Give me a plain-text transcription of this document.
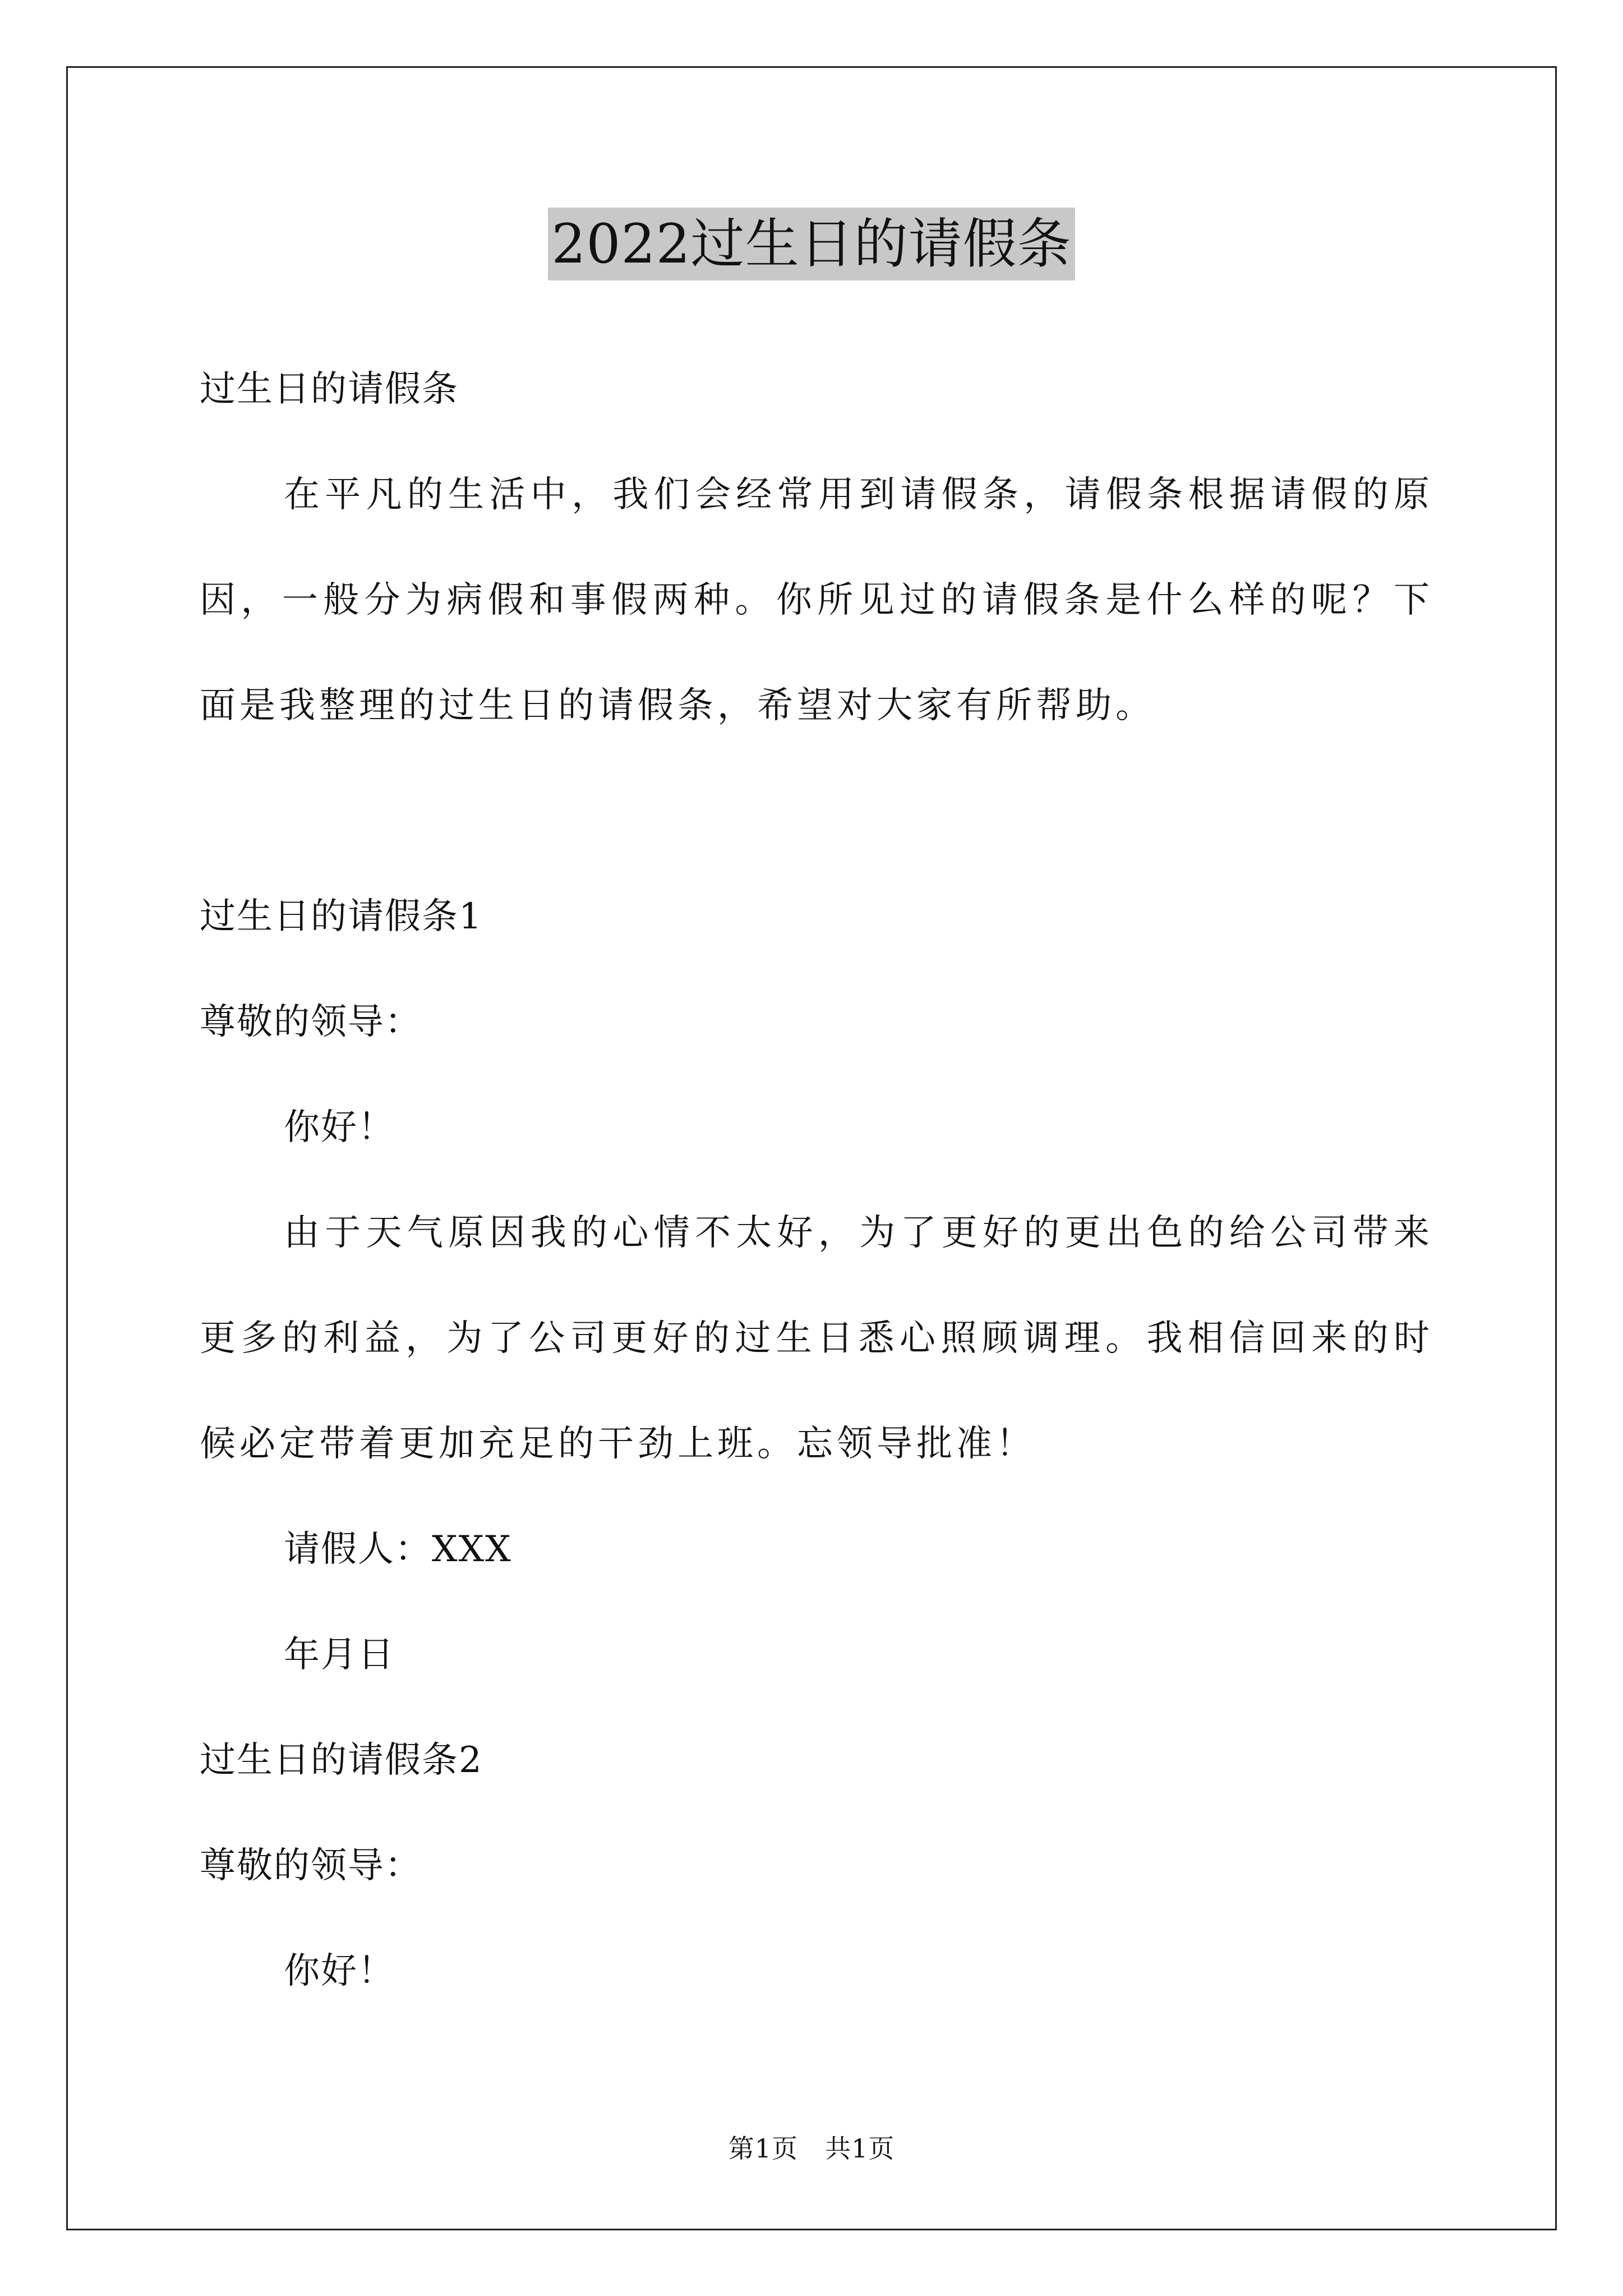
2022过生日的请假条
过生日的请假条
在平凡的生活中，我们会经常用到请假条，请假条根据请假的原因，一般分为病假和事假两种。你所见过的请假条是什么样的呢？下面是我整理的过生日的请假条，希望对大家有所帮助。
过生日的请假条1
尊敬的领导：
你好！
由于天气原因我的心情不太好，为了更好的更出色的给公司带来更多的利益，为了公司更好的过生日悉心照顾调理。我相信回来的时候必定带着更加充足的干劲上班。忘领导批准！
请假人：XXX
年月日
过生日的请假条2
尊敬的领导：
你好！
第1页 共1页
